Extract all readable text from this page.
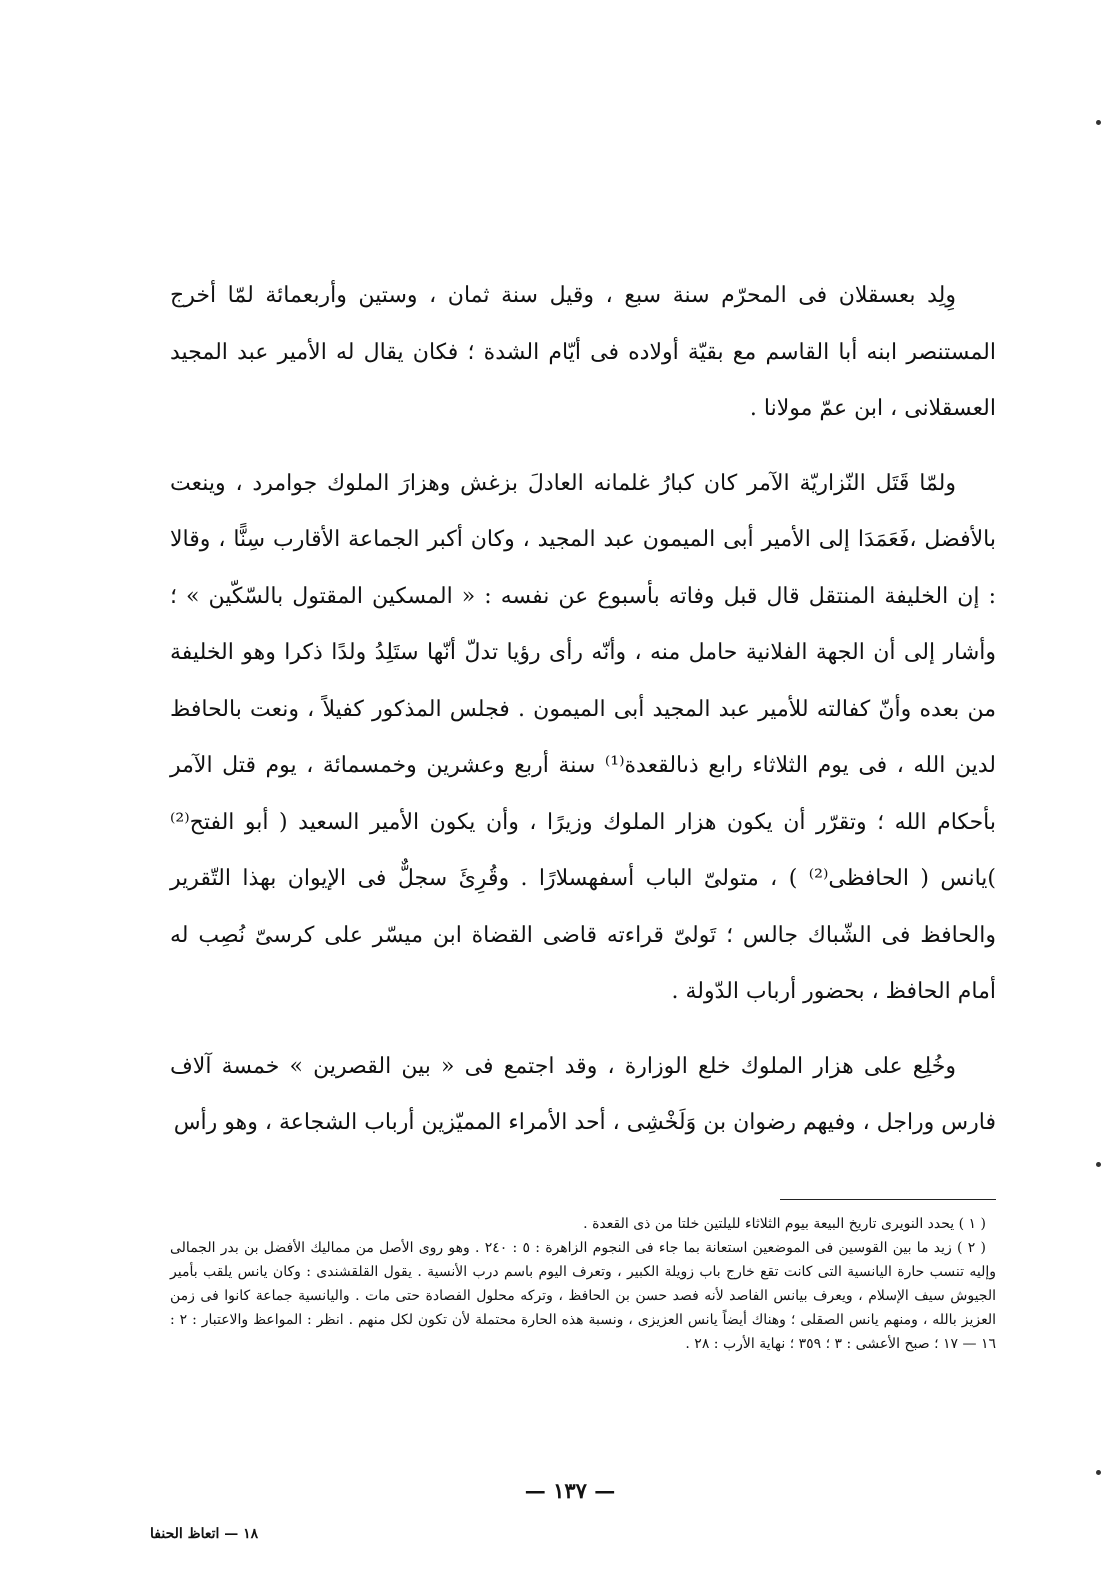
وِلِد بعسقلان فى المحرّم سنة سبع ، وقيل سنة ثمان ، وستين وأربعمائة لمّا أخرج المستنصر ابنه أبا القاسم مع بقيّة أولاده فى أيّام الشدة ؛ فكان يقال له الأمير عبد المجيد العسقلانى ، ابن عمّ مولانا .

ولمّا قَتَل النّزاريّة الآمر كان كبارُ غلمانه العادلَ بزغش وهزارَ الملوك جوامرد ، وينعت بالأفضل ،فَعَمَدَا إلى الأمير أبى الميمون عبد المجيد ، وكان أكبر الجماعة الأقارب سِنًّا ، وقالا : إن الخليفة المنتقل قال قبل وفاته بأسبوع عن نفسه : « المسكين المقتول بالسّكّين » ؛ وأشار إلى أن الجهة الفلانية حامل منه ، وأنّه رأى رؤيا تدلّ أنّها ستَلِدُ ولدًا ذكرا وهو الخليفة من بعده وأنّ كفالته للأمير عبد المجيد أبى الميمون . فجلس المذكور كفيلاً ، ونعت بالحافظ لدين الله ، فى يوم الثلاثاء رابع ذىالقعدة⁽¹⁾ سنة أربع وعشرين وخمسمائة ، يوم قتل الآمر بأحكام الله ؛ وتقرّر أن يكون هزار الملوك وزيرًا ، وأن يكون الأمير السعيد ( أبو الفتح⁽²⁾ )يانس ( الحافظى⁽²⁾ ) ، متولىّ الباب أسفهسلارًا . وقُرِئَ سجلٌّ فى الإيوان بهذا التّقرير والحافظ فى الشّباك جالس ؛ تَولىّ قراءته قاضى القضاة ابن ميسّر على كرسىّ نُصِب له أمام الحافظ ، بحضور أرباب الدّولة .

وخُلِع على هزار الملوك خلع الوزارة ، وقد اجتمع فى « بين القصرين » خمسة آلاف فارس وراجل ، وفيهم رضوان بن وَلَخْشِى ، أحد الأمراء المميّزين أرباب الشجاعة ، وهو رأس

( ١ ) يحدد النويرى تاريخ البيعة بيوم الثلاثاء لليلتين خلتا من ذى القعدة .

( ٢ ) زيد ما بين القوسين فى الموضعين استعانة بما جاء فى النجوم الزاهرة : ٥ : ٢٤٠ . وهو روى الأصل من مماليك الأفضل بن بدر الجمالى وإليه تنسب حارة اليانسية التى كانت تقع خارج باب زويلة الكبير ، وتعرف اليوم باسم درب الأنسية . يقول القلقشندى : وكان يانس يلقب بأمير الجيوش سيف الإسلام ، ويعرف بيانس الفاصد لأنه فصد حسن بن الحافظ ، وتركه محلول الفصادة حتى مات . واليانسية جماعة كانوا فى زمن العزيز بالله ، ومنهم يانس الصقلى ؛ وهناك أيضاً يانس العزيزى ، ونسبة هذه الحارة محتملة لأن تكون لكل منهم . انظر : المواعظ والاعتبار : ٢ : ١٦ — ١٧ ؛ صبح الأعشى : ٣ ؛ ٣٥٩ ؛ نهاية الأرب : ٢٨ .

— ١٣٧ —
١٨ — اتعاظ الحنفا
